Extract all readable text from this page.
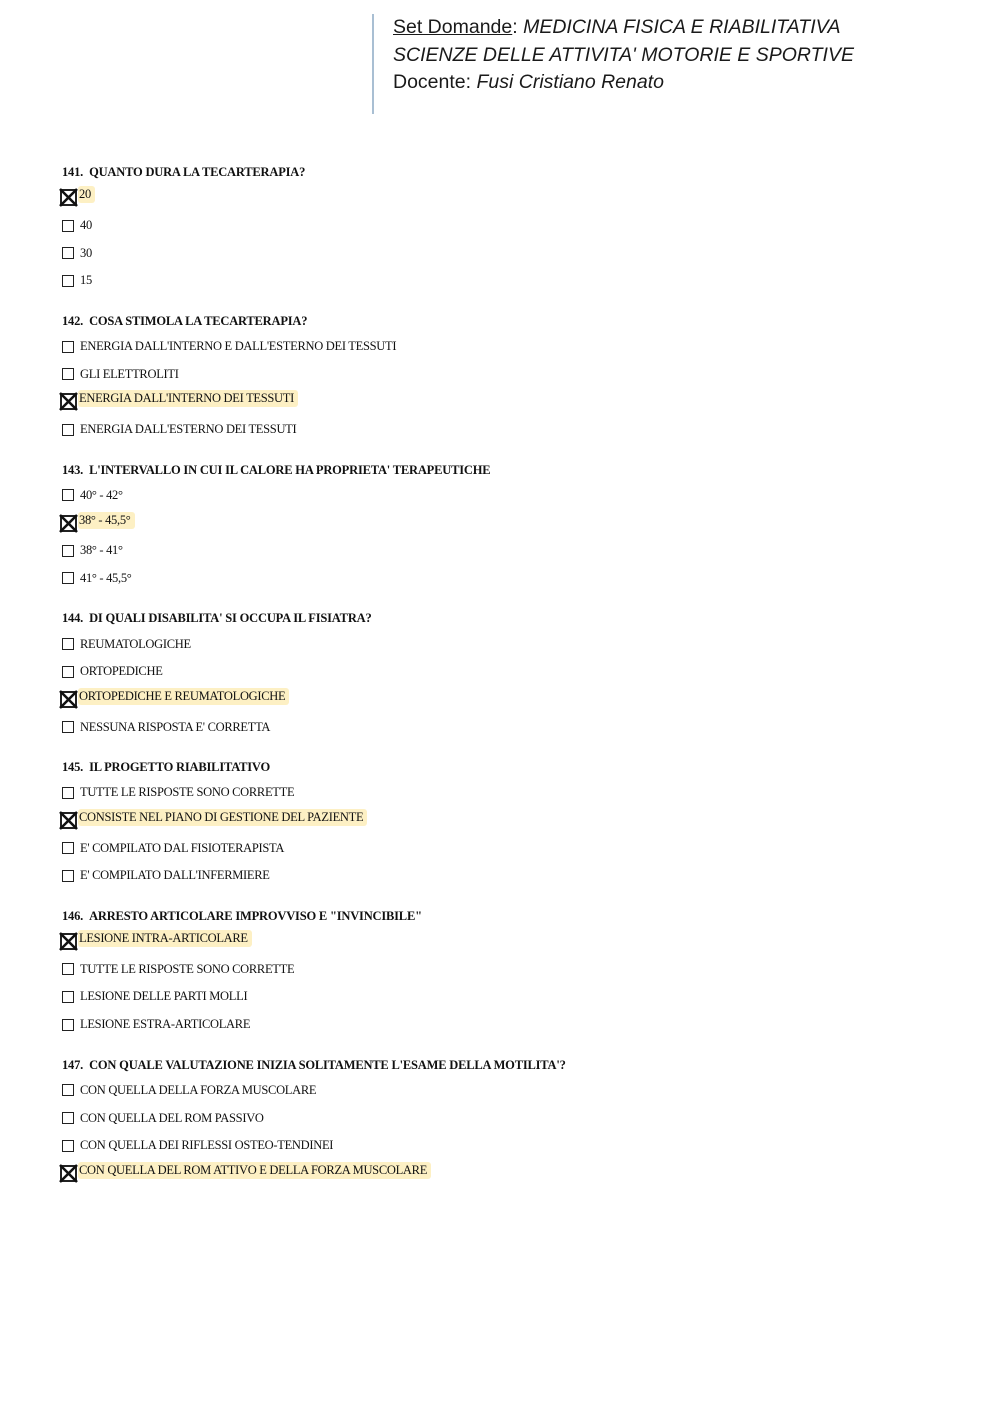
Set Domande: MEDICINA FISICA E RIABILITATIVA
SCIENZE DELLE ATTIVITA' MOTORIE E SPORTIVE
Docente: Fusi Cristiano Renato
141. QUANTO DURA LA TECARTERAPIA?
20
40
30
15
142. COSA STIMOLA LA TECARTERAPIA?
ENERGIA DALL'INTERNO E DALL'ESTERNO DEI TESSUTI
GLI ELETTROLITI
ENERGIA DALL'INTERNO DEI TESSUTI
ENERGIA DALL'ESTERNO DEI TESSUTI
143. L'INTERVALLO IN CUI IL CALORE HA PROPRIETA' TERAPEUTICHE
40° - 42°
38° - 45,5°
38° - 41°
41° - 45,5°
144. DI QUALI DISABILITA' SI OCCUPA IL FISIATRA?
REUMATOLOGICHE
ORTOPEDICHE
ORTOPEDICHE E REUMATOLOGICHE
NESSUNA RISPOSTA E' CORRETTA
145. IL PROGETTO RIABILITATIVO
TUTTE LE RISPOSTE SONO CORRETTE
CONSISTE NEL PIANO DI GESTIONE DEL PAZIENTE
E' COMPILATO DAL FISIOTERAPISTA
E' COMPILATO DALL'INFERMIERE
146. ARRESTO ARTICOLARE IMPROVVISO E "INVINCIBILE"
LESIONE INTRA-ARTICOLARE
TUTTE LE RISPOSTE SONO CORRETTE
LESIONE DELLE PARTI MOLLI
LESIONE ESTRA-ARTICOLARE
147. CON QUALE VALUTAZIONE INIZIA SOLITAMENTE L'ESAME DELLA MOTILITA'?
CON QUELLA DELLA FORZA MUSCOLARE
CON QUELLA DEL ROM PASSIVO
CON QUELLA DEI RIFLESSI OSTEO-TENDINEI
CON QUELLA DEL ROM ATTIVO E DELLA FORZA MUSCOLARE
